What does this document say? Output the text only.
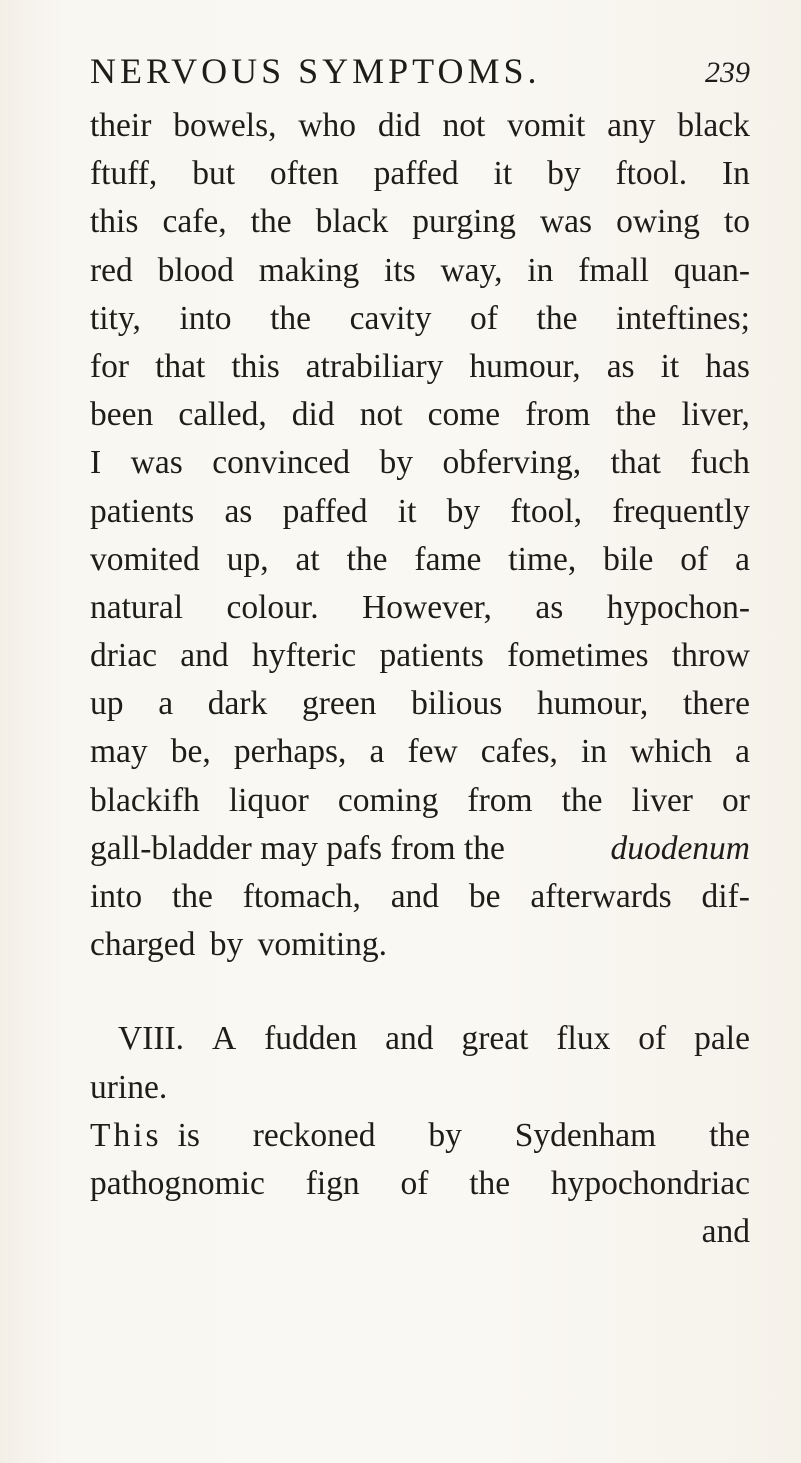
NERVOUS SYMPTOMS.	239
their bowels, who did not vomit any black
ftuff, but often paffed it by ftool. In
this cafe, the black purging was owing to
red blood making its way, in fmall quan-
tity, into the cavity of the inteftines;
for that this atrabiliary humour, as it has
been called, did not come from the liver,
I was convinced by obferving, that fuch
patients as paffed it by ftool, frequently
vomited up, at the fame time, bile of a
natural colour. However, as hypochon-
driac and hyfteric patients fometimes throw
up a dark green bilious humour, there
may be, perhaps, a few cafes, in which a
blackifh liquor coming from the liver or
gall-bladder may pafs from the	duodenum
into the ftomach, and be afterwards dif-
charged by vomiting.
VIII. A fudden and great flux of pale
urine.
This is reckoned by Sydenham the
pathognomic fign of the hypochondriac
and
